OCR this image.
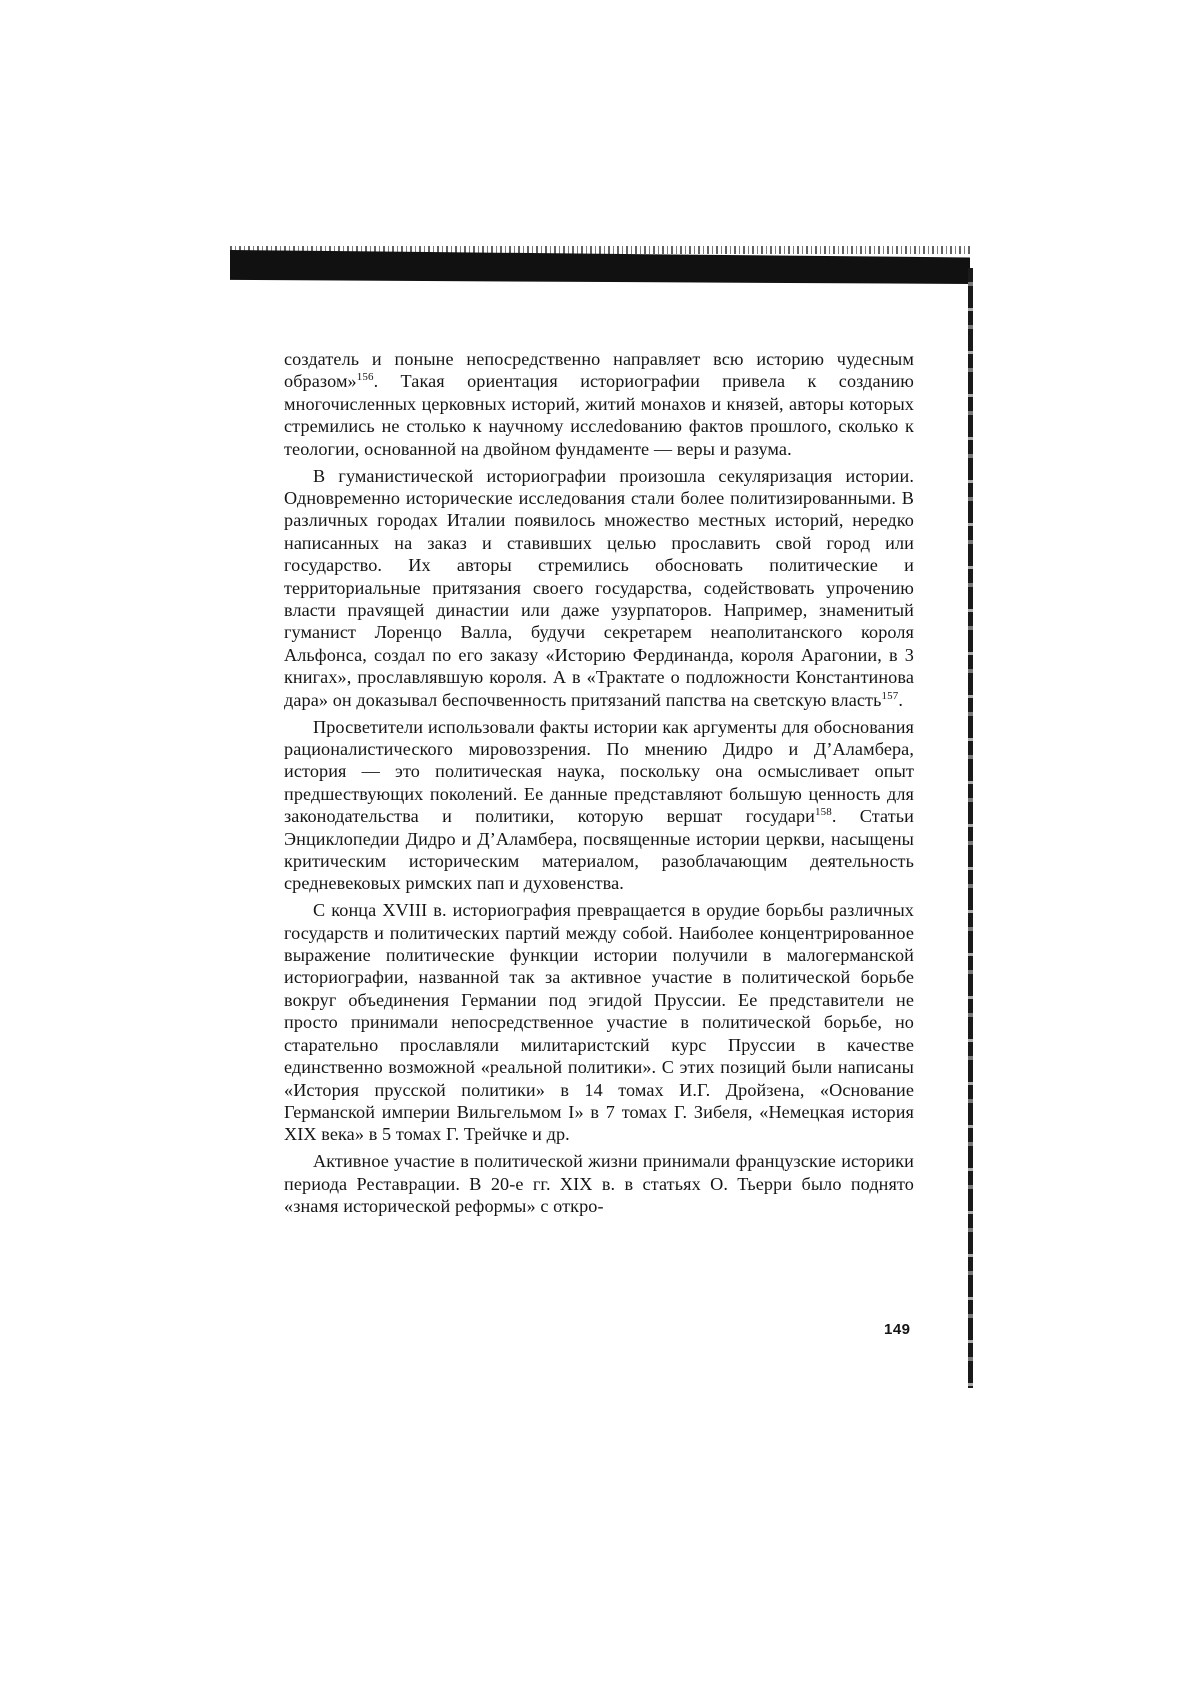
создатель и поныне непосредственно направляет всю историю чудесным образом»$^{156}$. Такая ориентация историографии привела к созданию многочисленных церковных историй, житий монахов и князей, авторы которых стремились не столько к научному исслеdованию фактов прошлого, сколько к теологии, основанной на двойном фундаменте — веры и разума.

В гуманистической историографии произошла секуляризация истории. Одновременно исторические исследования стали более политизированными. В различных городах Италии появилось множество местных историй, нередко написанных на заказ и ставивших целью прославить свой город или государство. Их авторы стремились обосновать политические и территориальные притязания своего государства, содействовать упрочению власти праvящей династии или даже узурпаторов. Например, знаменитый гуманист Лоренцо Валла, будучи секретарем неаполитанского короля Альфонса, создал по его заказу «Историю Фердинанда, короля Арагонии, в 3 книгах», прославлявшую короля. А в «Трактате о подложности Константинова дара» он доказывал беспочвенность притязаний папства на светскую власть$^{157}$.

Просветители использовали факты истории как аргументы для обоснования рационалистического мировоззрения. По мнению Дидро и Д’Аламбера, история — это политическая наука, поскольку она осмысливает опыт предшествующих поколений. Ее данные представляют большую ценность для законодательства и политики, которую вершат государи$^{158}$. Статьи Энциклопедии Дидро и Д’Аламбера, посвященные истории церкви, насыщены критическим историческим материалом, разоблачающим деятельность средневековых римских пап и духовенства.

С конца XVIII в. историография превращается в орудие борьбы различных государств и политических партий между собой. Наиболее концентрированное выражение политические функции истории получили в малогерманской историографии, названной так за активное участие в политической борьбе вокруг объединения Германии под эгидой Пруссии. Ее представители не просто принимали непосредственное участие в политической борьбе, но старательно прославляли милитаристский курс Пруссии в качестве единственно возможной «реальной политики». С этих позиций были написаны «История прусской политики» в 14 томах И.Г. Дройзена, «Основание Германской империи Вильгельмом I» в 7 томах Г. Зибеля, «Немецкая история XIX века» в 5 томах Г. Трейчке и др.

Активное участие в политической жизни принимали французские историки периода Реставрации. В 20-е гг. XIX в. в статьях О. Тьерри было поднято «знамя исторической реформы» с откро-

149
